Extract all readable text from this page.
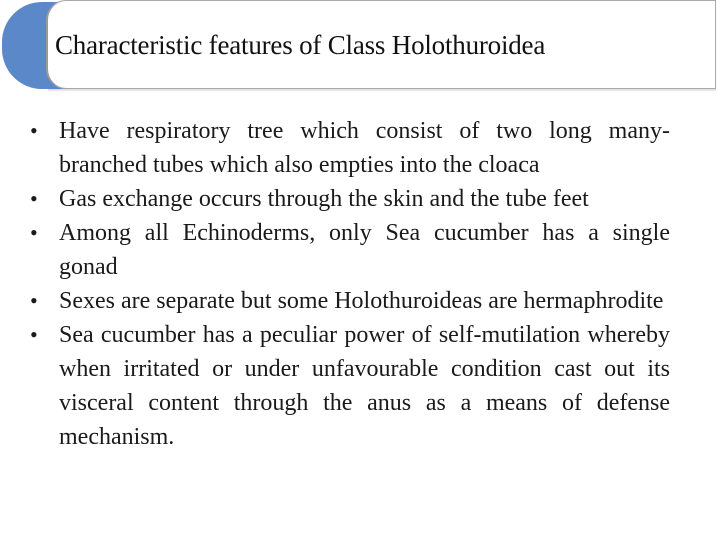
Characteristic features of Class Holothuroidea
• Have respiratory tree which consist of two long many-branched tubes which also empties into the cloaca
• Gas exchange occurs through the skin and the tube feet
• Among all Echinoderms, only Sea cucumber has a single gonad
• Sexes are separate but some Holothuroideas are hermaphrodite
• Sea cucumber has a peculiar power of self-mutilation whereby when irritated or under unfavourable condition cast out its visceral content through the anus as a means of defense mechanism.
